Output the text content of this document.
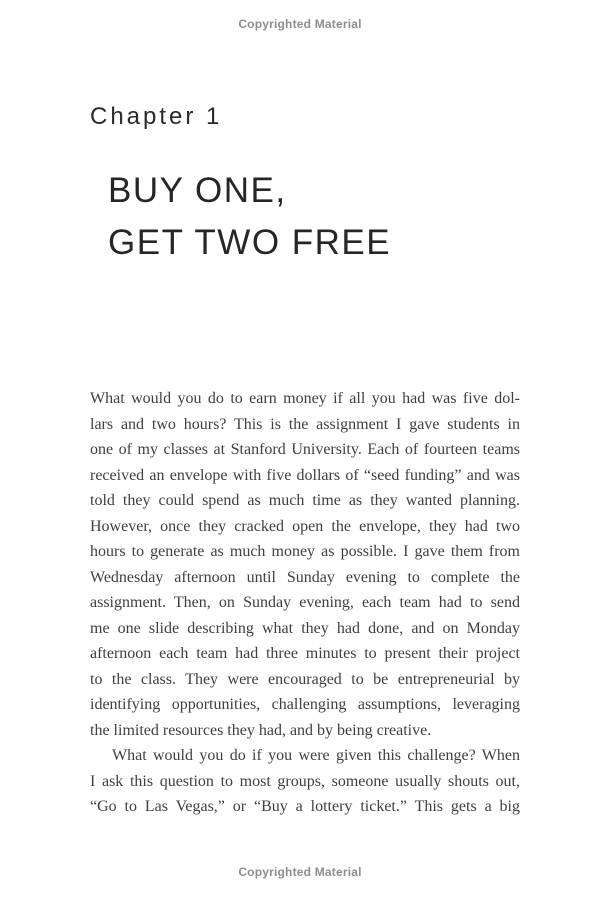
Copyrighted Material
Chapter 1
BUY ONE,
GET TWO FREE
What would you do to earn money if all you had was five dol-
lars and two hours? This is the assignment I gave students in
one of my classes at Stanford University. Each of fourteen teams
received an envelope with five dollars of “seed funding” and was
told they could spend as much time as they wanted planning.
However, once they cracked open the envelope, they had two
hours to generate as much money as possible. I gave them from
Wednesday afternoon until Sunday evening to complete the
assignment. Then, on Sunday evening, each team had to send
me one slide describing what they had done, and on Monday
afternoon each team had three minutes to present their project
to the class. They were encouraged to be entrepreneurial by
identifying opportunities, challenging assumptions, leveraging
the limited resources they had, and by being creative.
What would you do if you were given this challenge? When
I ask this question to most groups, someone usually shouts out,
“Go to Las Vegas,” or “Buy a lottery ticket.” This gets a big
Copyrighted Material
